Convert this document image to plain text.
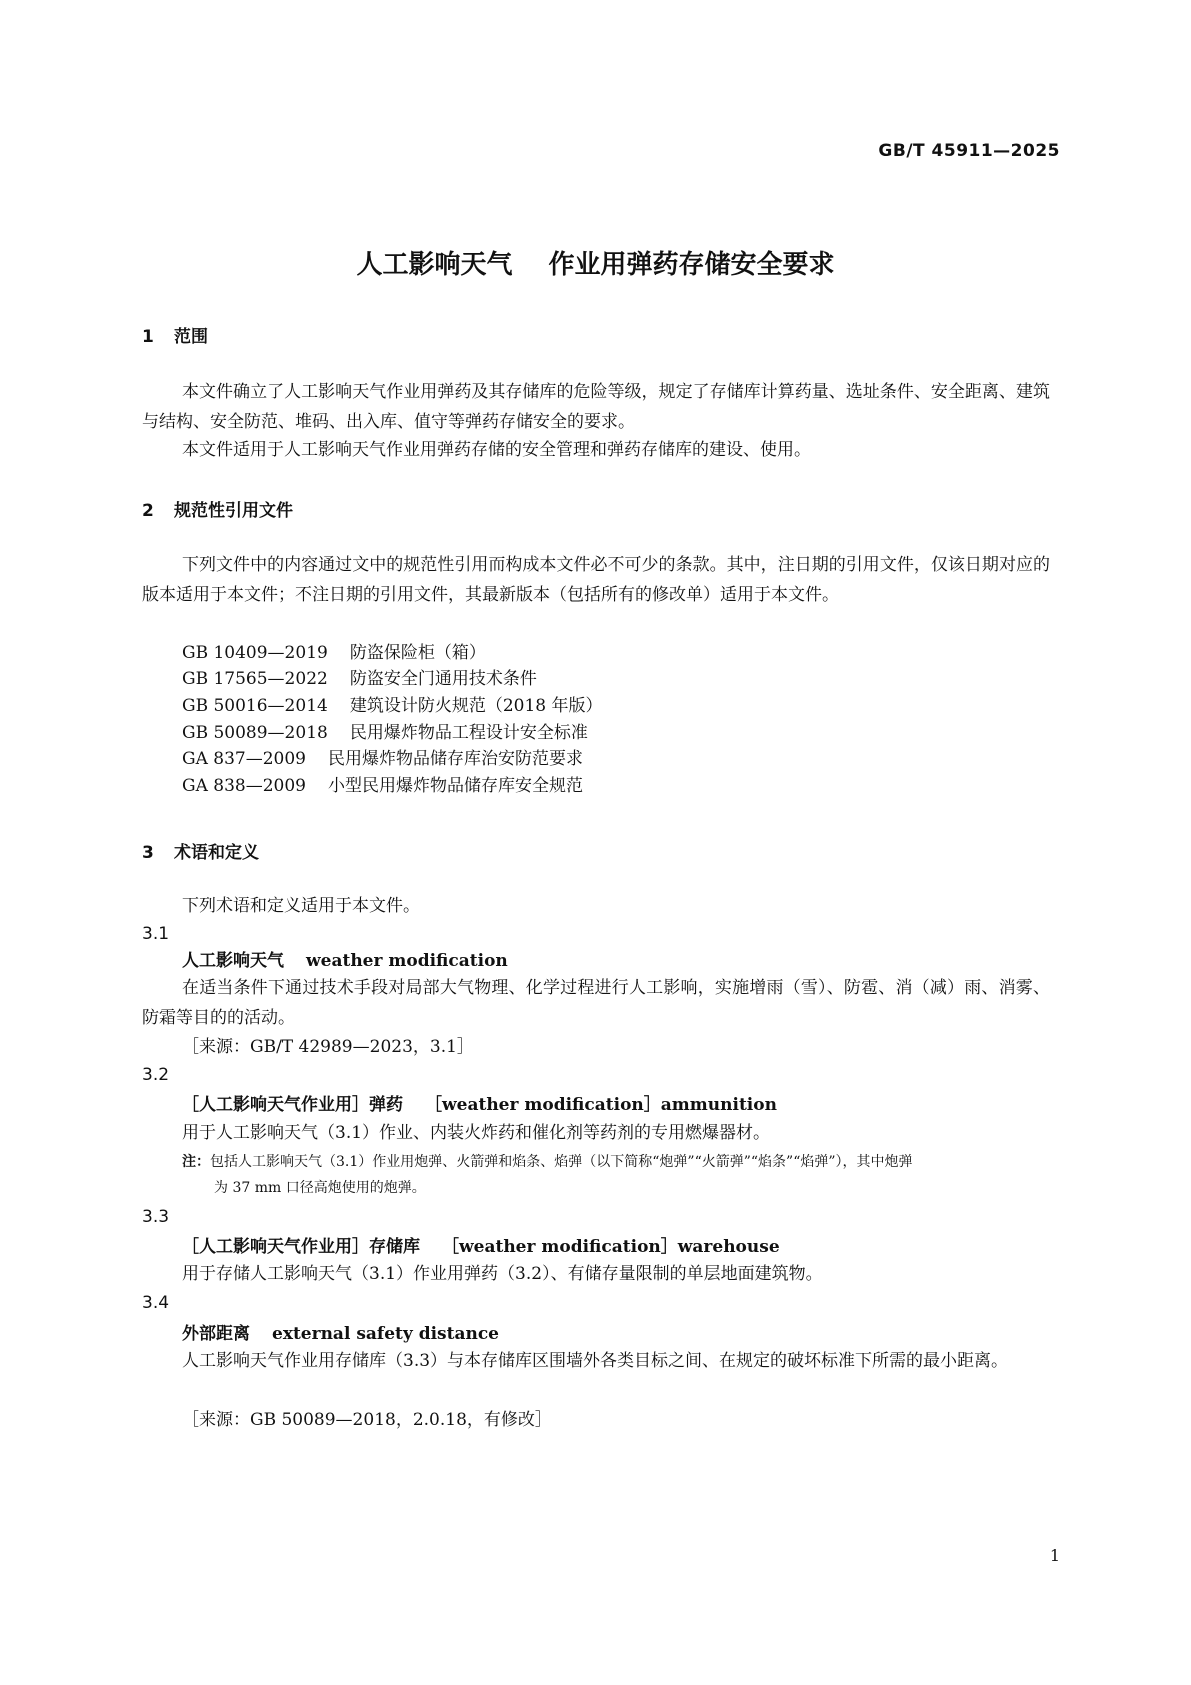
GB/T 45911—2025
人工影响天气 作业用弹药存储安全要求
1 范围

本文件确立了人工影响天气作业用弹药及其存储库的危险等级，规定了存储库计算药量、选址条件、安全距离、建筑与结构、安全防范、堆码、出入库、值守等弹药存储安全的要求。

本文件适用于人工影响天气作业用弹药存储的安全管理和弹药存储库的建设、使用。

2 规范性引用文件

下列文件中的内容通过文中的规范性引用而构成本文件必不可少的条款。其中，注日期的引用文件，仅该日期对应的版本适用于本文件；不注日期的引用文件，其最新版本（包括所有的修改单）适用于本文件。

GB 10409—2019 防盗保险柜（箱）
GB 17565—2022 防盗安全门通用技术条件
GB 50016—2014 建筑设计防火规范（2018 年版）
GB 50089—2018 民用爆炸物品工程设计安全标准
GA 837—2009 民用爆炸物品储存库治安防范要求
GA 838—2009 小型民用爆炸物品储存库安全规范
3 术语和定义
下列术语和定义适用于本文件。
3.1
人工影响天气 weather modification

在适当条件下通过技术手段对局部大气物理、化学过程进行人工影响，实施增雨（雪）、防雹、消（减）雨、消雾、防霜等目的的活动。

［来源：GB/T 42989—2023，3.1］
3.2
［人工影响天气作业用］弹药 ［weather modification］ammunition

用于人工影响天气（3.1）作业、内装火炸药和催化剂等药剂的专用燃爆器材。

注：包括人工影响天气（3.1）作业用炮弹、火箭弹和焰条、焰弹（以下简称“炮弹”“火箭弹”“焰条”“焰弹”），其中炮弹
为 37 mm 口径高炮使用的炮弹。
3.3
［人工影响天气作业用］存储库 ［weather modification］warehouse

用于存储人工影响天气（3.1）作业用弹药（3.2）、有储存量限制的单层地面建筑物。

3.4
外部距离 external safety distance

人工影响天气作业用存储库（3.3）与本存储库区围墙外各类目标之间、在规定的破坏标准下所需的最小距离。

［来源：GB 50089—2018，2.0.18，有修改］
1
